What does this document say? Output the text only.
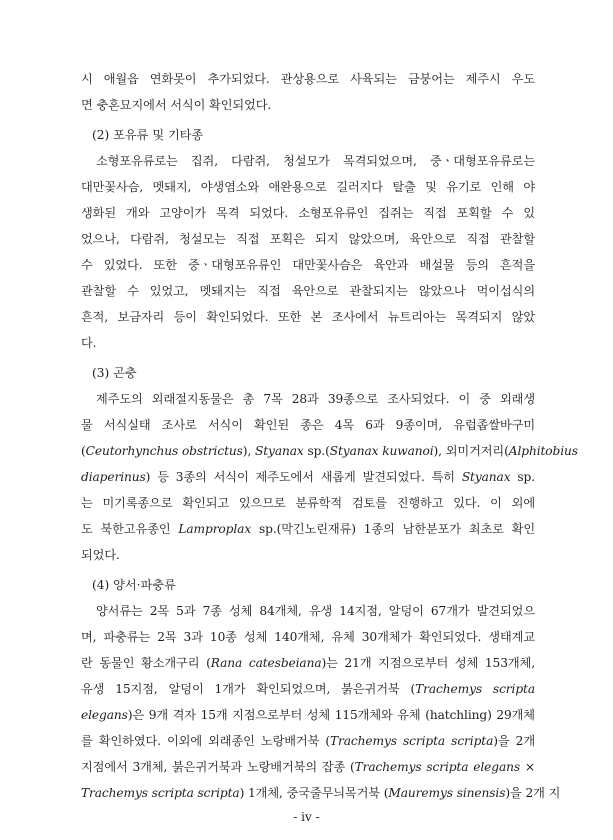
시 애월읍 연화못이 추가되었다. 관상용으로 사육되는 금붕어는 제주시 우도
면 충혼묘지에서 서식이 확인되었다.
(2) 포유류 및 기타종
소형포유류로는 집쥐, 다람쥐, 청설모가 목격되었으며, 중ㆍ대형포유류로는
대만꽃사슴, 멧돼지, 야생염소와 애완용으로 길러지다 탈출 및 유기로 인해 야
생화된 개와 고양이가 목격 되었다. 소형포유류인 집쥐는 직접 포획할 수 있
었으나, 다람쥐, 청설모는 직접 포획은 되지 않았으며, 육안으로 직접 관찰할
수 있었다. 또한 중ㆍ대형포유류인 대만꽃사슴은 육안과 배설물 등의 흔적을
관찰할 수 있었고, 멧돼지는 직접 육안으로 관찰되지는 않았으나 먹이섭식의
흔적, 보금자리 등이 확인되었다. 또한 본 조사에서 뉴트리아는 목격되지 않았
다.
(3) 곤충
제주도의 외래절지동물은 총 7목 28과 39종으로 조사되었다. 이 중 외래생
물 서식실태 조사로 서식이 확인된 종은 4목 6과 9종이며, 유럽좁쌀바구미
(Ceutorhynchus obstrictus), Styanax sp.(Styanax kuwanoi), 외미거저리(Alphitobius
diaperinus) 등 3종의 서식이 제주도에서 새롭게 발견되었다. 특히 Styanax sp.
는 미기록종으로 확인되고 있으므로 분류학적 검토를 진행하고 있다. 이 외에
도 북한고유종인 Lamproplax sp.(막긴노린재류) 1종의 남한분포가 최초로 확인
되었다.
(4) 양서·파충류
양서류는 2목 5과 7종 성체 84개체, 유생 14지점, 알덩이 67개가 발견되었으
며, 파충류는 2목 3과 10종 성체 140개체, 유체 30개체가 확인되었다. 생태계교
란 동물인 황소개구리 (Rana catesbeiana)는 21개 지점으로부터 성체 153개체,
유생 15지점, 알덩이 1개가 확인되었으며, 붉은귀거북 (Trachemys scripta
elegans)은 9개 격자 15개 지점으로부터 성체 115개체와 유체 (hatchling) 29개체
를 확인하였다. 이외에 외래종인 노랑배거북 (Trachemys scripta scripta)을 2개
지점에서 3개체, 붉은귀거북과 노랑배거북의 잡종 (Trachemys scripta elegans ×
Trachemys scripta scripta) 1개체, 중국줄무늬목거북 (Mauremys sinensis)을 2개 지
- iv -
